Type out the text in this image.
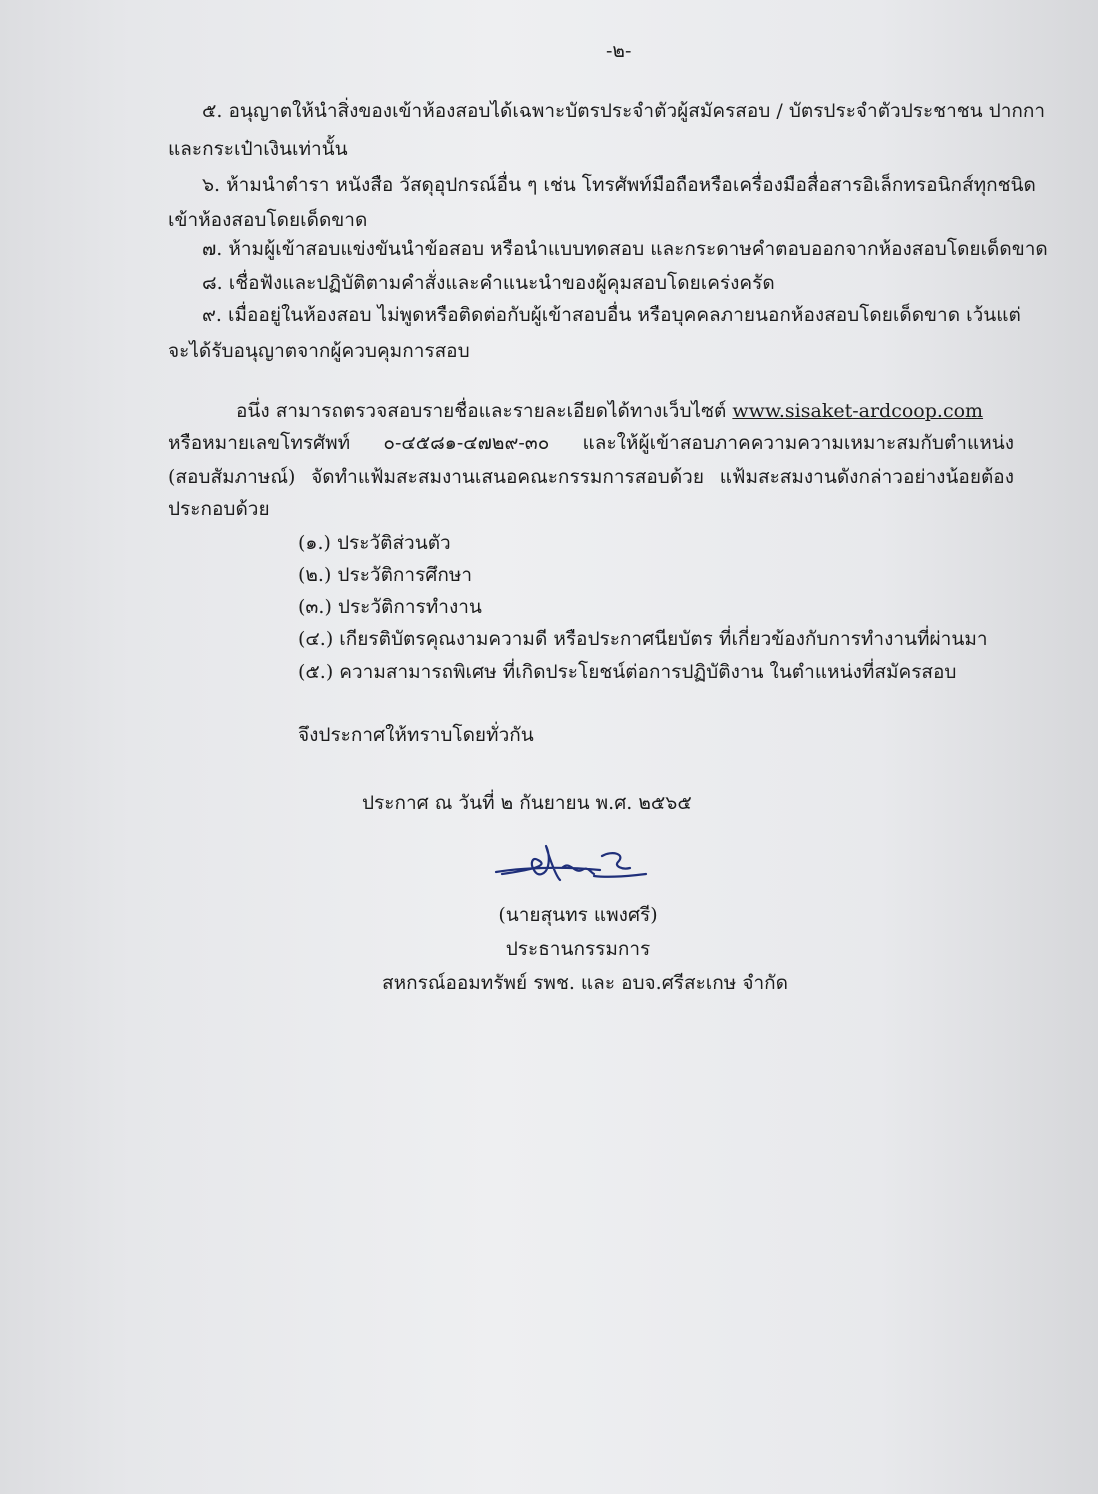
-๒-
๕. อนุญาตให้นำสิ่งของเข้าห้องสอบได้เฉพาะบัตรประจำตัวผู้สมัครสอบ / บัตรประจำตัวประชาชน ปากกา
และกระเป๋าเงินเท่านั้น
๖. ห้ามนำตำรา หนังสือ วัสดุอุปกรณ์อื่น ๆ เช่น โทรศัพท์มือถือหรือเครื่องมือสื่อสารอิเล็กทรอนิกส์ทุกชนิด
เข้าห้องสอบโดยเด็ดขาด
๗. ห้ามผู้เข้าสอบแข่งขันนำข้อสอบ หรือนำแบบทดสอบ และกระดาษคำตอบออกจากห้องสอบโดยเด็ดขาด
๘. เชื่อฟังและปฏิบัติตามคำสั่งและคำแนะนำของผู้คุมสอบโดยเคร่งครัด
๙. เมื่ออยู่ในห้องสอบ ไม่พูดหรือติดต่อกับผู้เข้าสอบอื่น หรือบุคคลภายนอกห้องสอบโดยเด็ดขาด เว้นแต่
จะได้รับอนุญาตจากผู้ควบคุมการสอบ
อนึ่ง สามารถตรวจสอบรายชื่อและรายละเอียดได้ทางเว็บไซต์ www.sisaket-ardcoop.com
หรือหมายเลขโทรศัพท์ ๐-๔๕๘๑-๔๗๒๙-๓๐ และให้ผู้เข้าสอบภาคความความเหมาะสมกับตำแหน่ง
(สอบสัมภาษณ์) จัดทำแฟ้มสะสมงานเสนอคณะกรรมการสอบด้วย แฟ้มสะสมงานดังกล่าวอย่างน้อยต้อง
ประกอบด้วย
(๑.) ประวัติส่วนตัว
(๒.) ประวัติการศึกษา
(๓.) ประวัติการทำงาน
(๔.) เกียรติบัตรคุณงามความดี หรือประกาศนียบัตร ที่เกี่ยวข้องกับการทำงานที่ผ่านมา
(๕.) ความสามารถพิเศษ ที่เกิดประโยชน์ต่อการปฏิบัติงาน ในตำแหน่งที่สมัครสอบ
จึงประกาศให้ทราบโดยทั่วกัน
ประกาศ ณ วันที่ ๒ กันยายน พ.ศ. ๒๕๖๕
(นายสุนทร แพงศรี)
ประธานกรรมการ
สหกรณ์ออมทรัพย์ รพช. และ อบจ.ศรีสะเกษ จำกัด
